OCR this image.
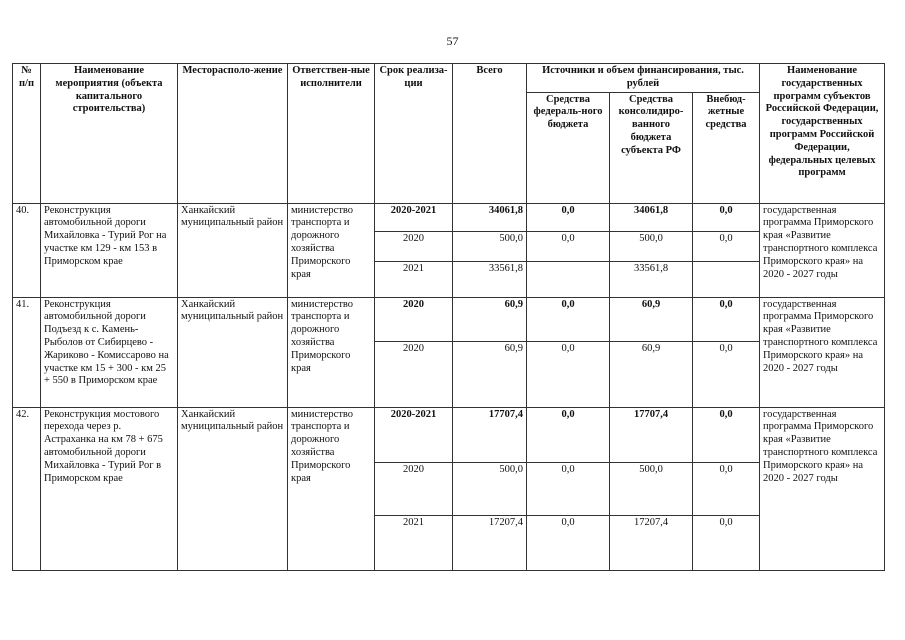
57
№ п/п	Наименование мероприятия (объекта капитального строительства)	Месторасполо-жение	Ответствен-ные исполнители	Срок реализа-ции	Всего	Источники и объем финансирования, тыс. рублей			Наименование государственных программ субъектов Российской Федерации, государственных программ Российской Федерации, федеральных целевых программ
						Средства федераль-ного бюджета	Средства консолидиро-ванного бюджета субъекта РФ	Внебюд-жетные средства	
40.	Реконструкция автомобильной дороги Михайловка - Турий Рог на участке км 129 - км 153 в Приморском крае	Ханкайский муниципальный район	министерство транспорта и дорожного хозяйства Приморского края	2020-2021	34061,8	0,0	34061,8	0,0	государственная программа Приморского края «Развитие транспортного комплекса Приморского края» на 2020 - 2027 годы
				2020	500,0	0,0	500,0	0,0	
				2021	33561,8		33561,8		
41.	Реконструкция автомобильной дороги Подъезд к с. Камень-Рыболов от Сибирцево - Жариково - Комиссарово на участке км 15 + 300 - км 25 + 550 в Приморском крае	Ханкайский муниципальный район	министерство транспорта и дорожного хозяйства Приморского края	2020	60,9	0,0	60,9	0,0	государственная программа Приморского края «Развитие транспортного комплекса Приморского края» на 2020 - 2027 годы
				2020	60,9	0,0	60,9	0,0	
42.	Реконструкция мостового перехода через р. Астраханка на км 78 + 675 автомобильной дороги Михайловка - Турий Рог в Приморском крае	Ханкайский муниципальный район	министерство транспорта и дорожного хозяйства Приморского края	2020-2021	17707,4	0,0	17707,4	0,0	государственная программа Приморского края «Развитие транспортного комплекса Приморского края» на 2020 - 2027 годы
				2020	500,0	0,0	500,0	0,0	
				2021	17207,4	0,0	17207,4	0,0	
